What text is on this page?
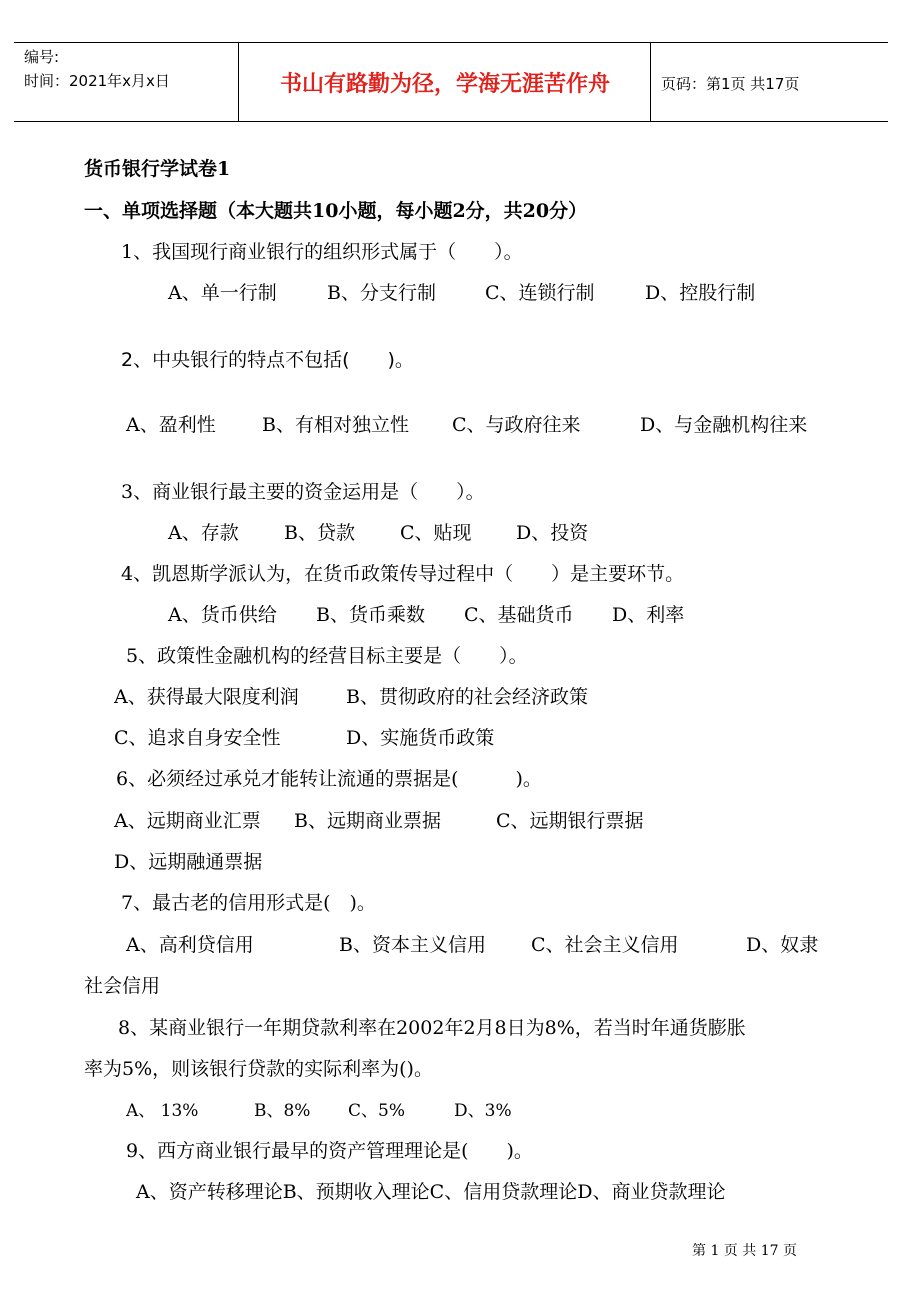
编号:
时间：2021年x月x日	书山有路勤为径，学海无涯苦作舟	页码：第1页 共17页
货币银行学试卷1
一、单项选择题（本大题共10小题，每小题2分，共20分）
1、我国现行商业银行的组织形式属于（　　）。
A、单一行制	B、分支行制	C、连锁行制	D、控股行制
2、中央银行的特点不包括(　　)。
A、盈利性 B、有相对独立性 C、与政府往来	D、与金融机构往来
3、商业银行最主要的资金运用是（　　）。
A、存款 B、贷款 C、贴现 D、投资
4、凯恩斯学派认为，在货币政策传导过程中（　　）是主要环节。
A、货币供给 B、货币乘数 C、基础货币 D、利率
5、政策性金融机构的经营目标主要是（　　）。
A、获得最大限度利润 B、贯彻政府的社会经济政策
C、追求自身安全性	D、实施货币政策
6、必须经过承兑才能转让流通的票据是(　　　)。
A、远期商业汇票 B、远期商业票据	C、远期银行票据
D、远期融通票据
7、最古老的信用形式是(　)。
A、高利贷信用	B、资本主义信用 C、社会主义信用	D、奴隶
社会信用
8、某商业银行一年期贷款利率在2002年2月8日为8%，若当时年通货膨胀
率为5%，则该银行贷款的实际利率为()。
A、 13%	B、8% C、5%	D、3%
9、西方商业银行最早的资产管理理论是(　　)。
A、资产转移理论B、预期收入理论C、信用贷款理论D、商业贷款理论
第 1 页 共 17 页
